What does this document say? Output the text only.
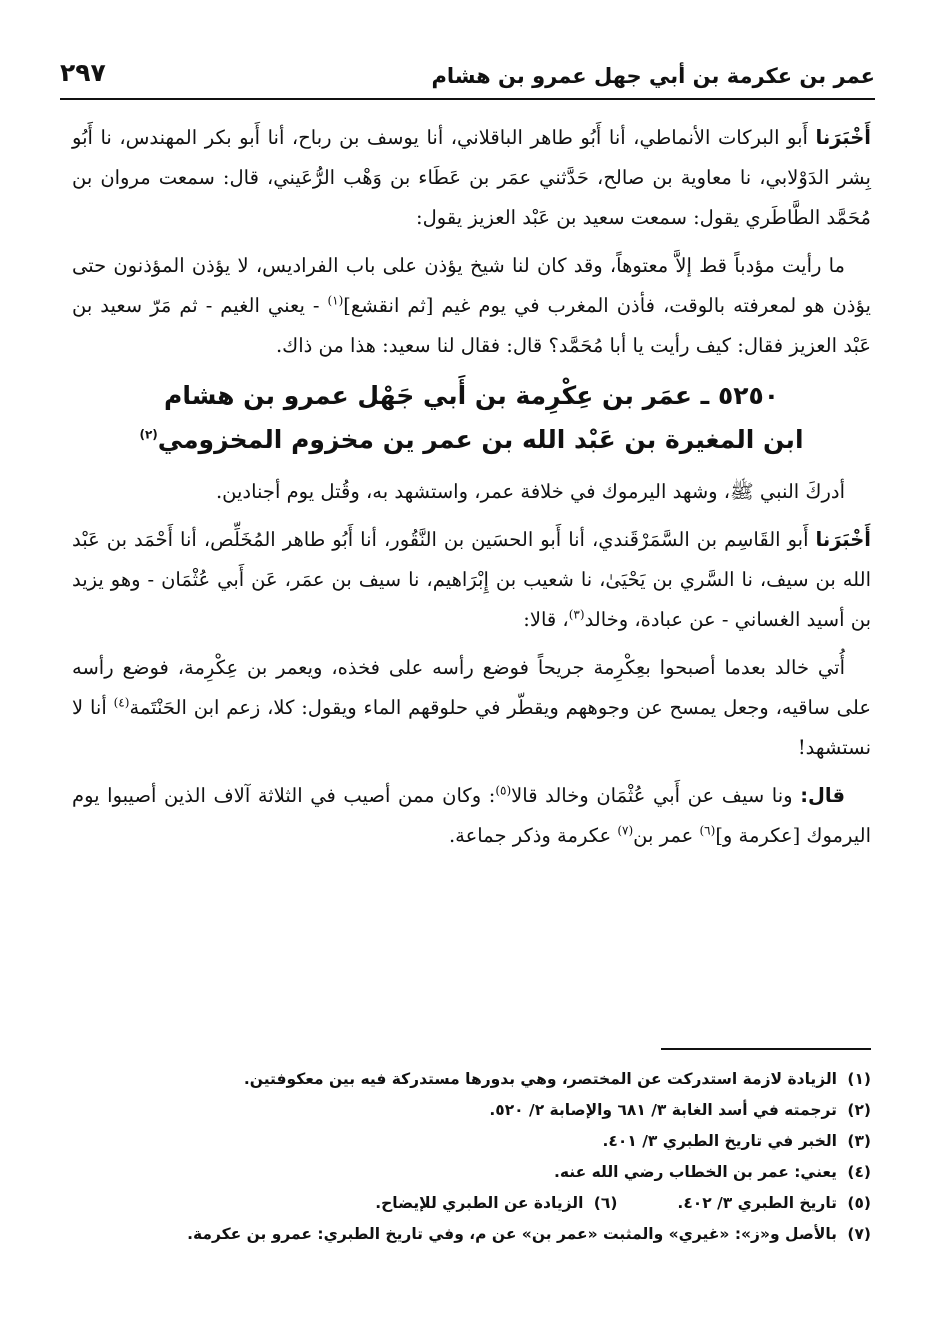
عمر بن عكرمة بن أبي جهل عمرو بن هشام
٢٩٧

أَخْبَرَنا أَبو البركات الأنماطي، أنا أَبُو طاهر الباقلاني، أنا يوسف بن رباح، أنا أَبو بكر المهندس، نا أَبُو بِشر الدَوْلابي، نا معاوية بن صالح، حَدَّثني عمَر بن عَطَاء بن وَهْب الرُّعَيني، قال: سمعت مروان بن مُحَمَّد الطَّاطَري يقول: سمعت سعيد بن عَبْد العزيز يقول:

ما رأيت مؤدباً قط إلاَّ معتوهاً، وقد كان لنا شيخ يؤذن على باب الفراديس، لا يؤذن المؤذنون حتى يؤذن هو لمعرفته بالوقت، فأذن المغرب في يوم غيم [ثم انقشع]$^{(١)}$ - يعني الغيم - ثم مَرّ سعيد بن عَبْد العزيز فقال: كيف رأيت يا أبا مُحَمَّد؟ قال: فقال لنا سعيد: هذا من ذاك.

٥٢٥٠ ـ عمَر بن عِكْرِمة بن أَبي جَهْل عمرو بن هشام
ابن المغيرة بن عَبْد الله بن عمر ين مخزوم المخزومي$^{(٢)}$

أدركَ النبي ﷺ، وشهد اليرموك في خلافة عمر، واستشهد به، وقُتل يوم أجنادين.

أَخْبَرَنا أَبو القَاسِم بن السَّمَرْقَندي، أنا أَبو الحسَين بن النَّقُور، أنا أَبُو طاهر المُخَلِّص، أنا أَحْمَد بن عَبْد الله بن سيف، نا السَّري بن يَحْيَىٰ، نا شعيب بن إِبْرَاهيم، نا سيف بن عمَر، عَن أَبي عُثْمَان - وهو يزيد بن أسيد الغساني - عن عبادة، وخالد$^{(٣)}$، قالا:

أُتي خالد بعدما أصبحوا بعِكْرِمة جريحاً فوضع رأسه على فخذه، ويعمر بن عِكْرِمة، فوضع رأسه على ساقيه، وجعل يمسح عن وجوههم ويقطّر في حلوقهم الماء ويقول: كلا، زعم ابن الحَنْتَمة$^{(٤)}$ أنا لا نستشهد!

قال: ونا سيف عن أَبي عُثْمَان وخالد قالا$^{(٥)}$: وكان ممن أصيب في الثلاثة آلاف الذين أصيبوا يوم اليرموك [عكرمة و]$^{(٦)}$ عمر بن$^{(٧)}$ عكرمة وذكر جماعة.

(١)الزيادة لازمة استدركت عن المختصر، وهي بدورها مستدركة فيه بين معكوفتين.
(٢)ترجمته في أسد الغابة ٣/ ٦٨١ والإصابة ٢/ ٥٢٠.
(٣)الخبر في تاريخ الطبري ٣/ ٤٠١.
(٤)يعني: عمر بن الخطاب رضي الله عنه.
(٥)تاريخ الطبري ٣/ ٤٠٢.
(٦)الزيادة عن الطبري للإيضاح.
(٧)بالأصل و«ز»: «غيري» والمثبت «عمر بن» عن م، وفي تاريخ الطبري: عمرو بن عكرمة.
